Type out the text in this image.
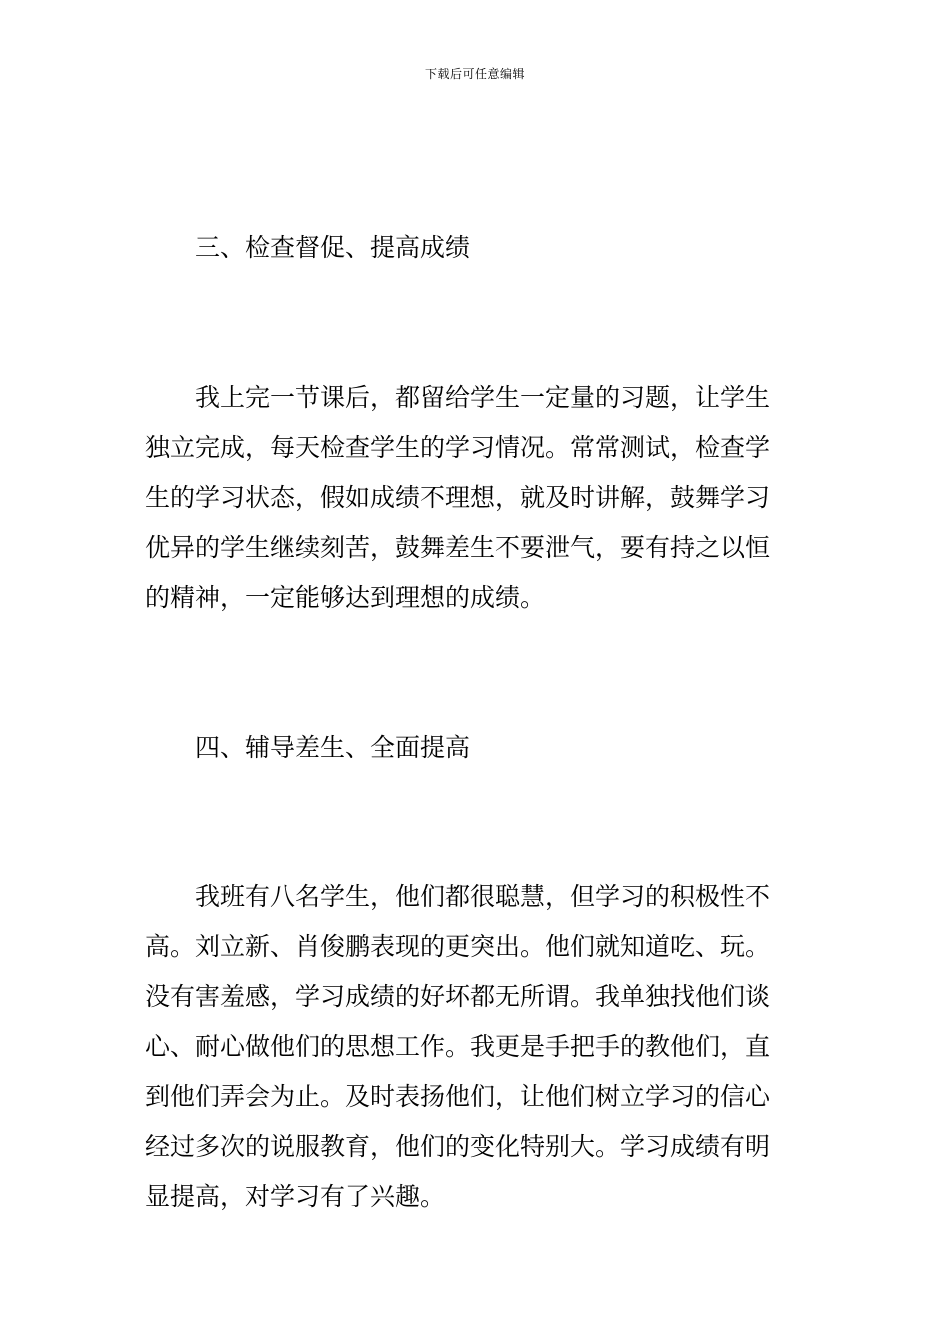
下载后可任意编辑
三、检查督促、提高成绩
我上完一节课后，都留给学生一定量的习题，让学生
独立完成，每天检查学生的学习情况。常常测试，检查学
生的学习状态，假如成绩不理想，就及时讲解，鼓舞学习
优异的学生继续刻苦，鼓舞差生不要泄气，要有持之以恒
的精神，一定能够达到理想的成绩。
四、辅导差生、全面提高
我班有八名学生，他们都很聪慧，但学习的积极性不
高。刘立新、肖俊鹏表现的更突出。他们就知道吃、玩。
没有害羞感，学习成绩的好坏都无所谓。我单独找他们谈
心、耐心做他们的思想工作。我更是手把手的教他们，直
到他们弄会为止。及时表扬他们，让他们树立学习的信心
经过多次的说服教育，他们的变化特别大。学习成绩有明
显提高，对学习有了兴趣。
